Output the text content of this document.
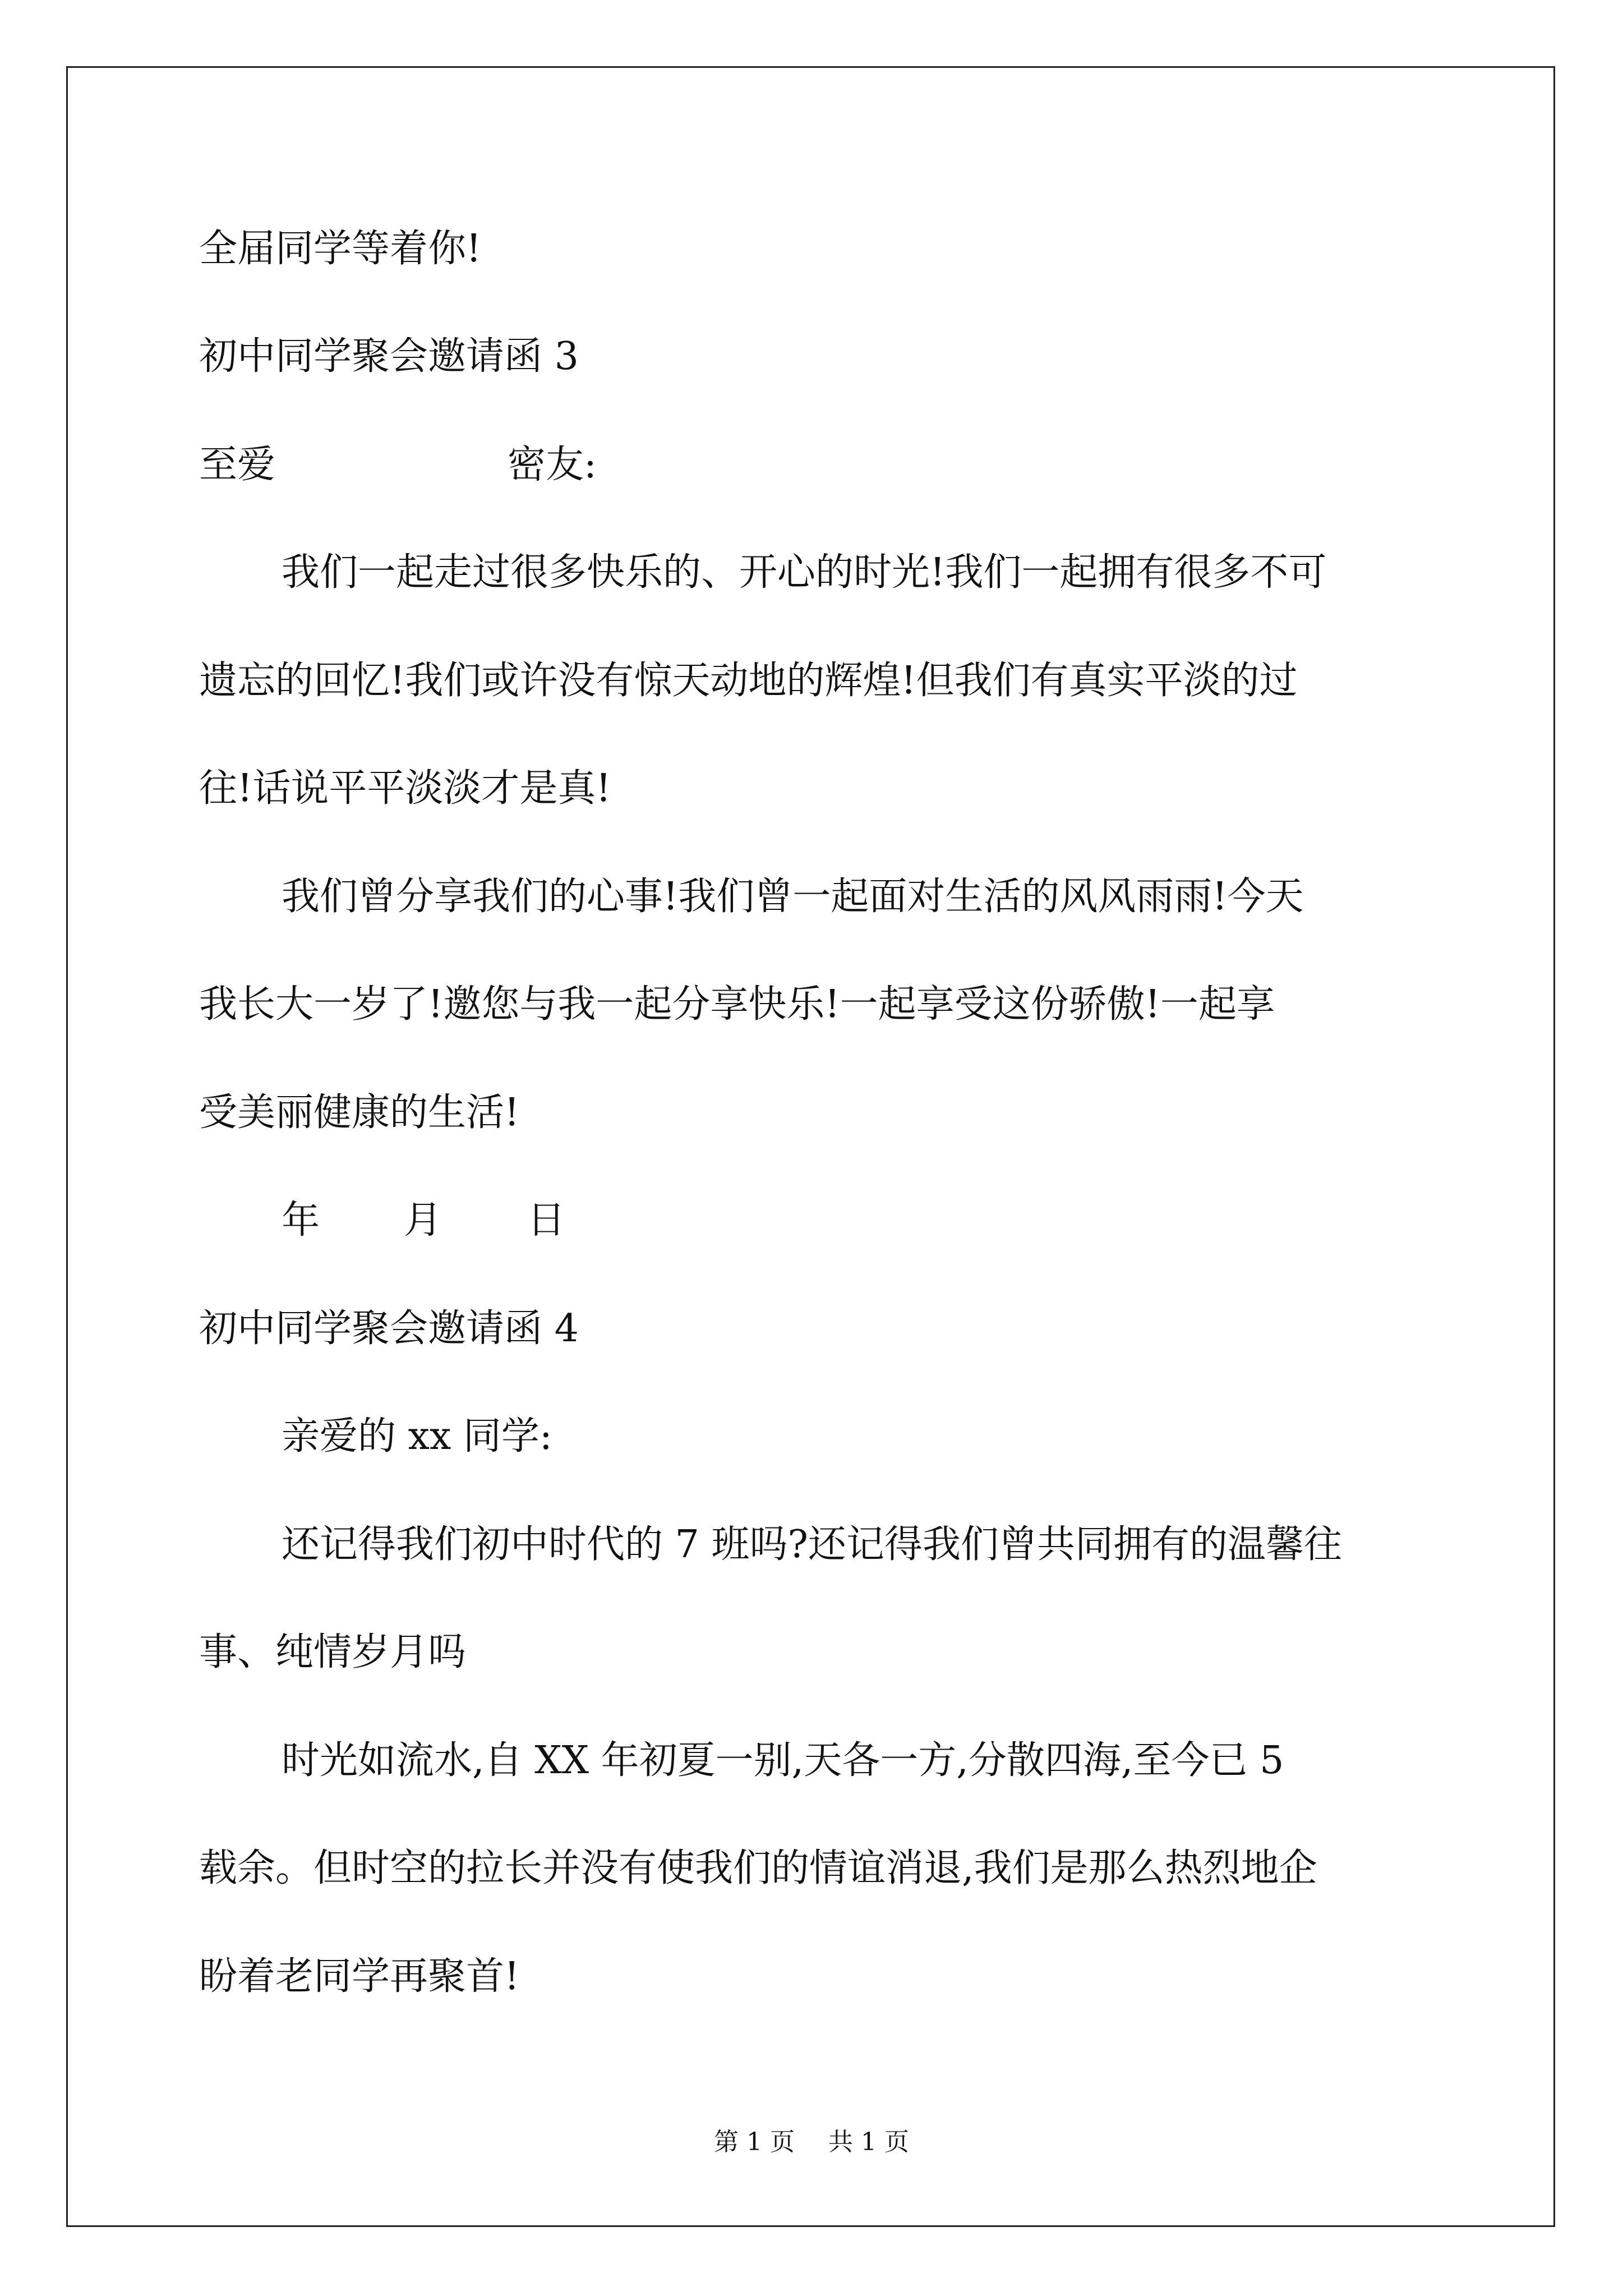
全届同学等着你!
初中同学聚会邀请函 3
至爱	密友:
我们一起走过很多快乐的、开心的时光!我们一起拥有很多不可
遗忘的回忆!我们或许没有惊天动地的辉煌!但我们有真实平淡的过
往!话说平平淡淡才是真!
我们曾分享我们的心事!我们曾一起面对生活的风风雨雨!今天
我长大一岁了!邀您与我一起分享快乐!一起享受这份骄傲!一起享
受美丽健康的生活!
年 月 日
初中同学聚会邀请函 4
亲爱的 xx 同学:
还记得我们初中时代的 7 班吗?还记得我们曾共同拥有的温馨往
事、纯情岁月吗
时光如流水,自 XX 年初夏一别,天各一方,分散四海,至今已 5
载余。但时空的拉长并没有使我们的情谊消退,我们是那么热烈地企
盼着老同学再聚首!
第 1 页 共 1 页
